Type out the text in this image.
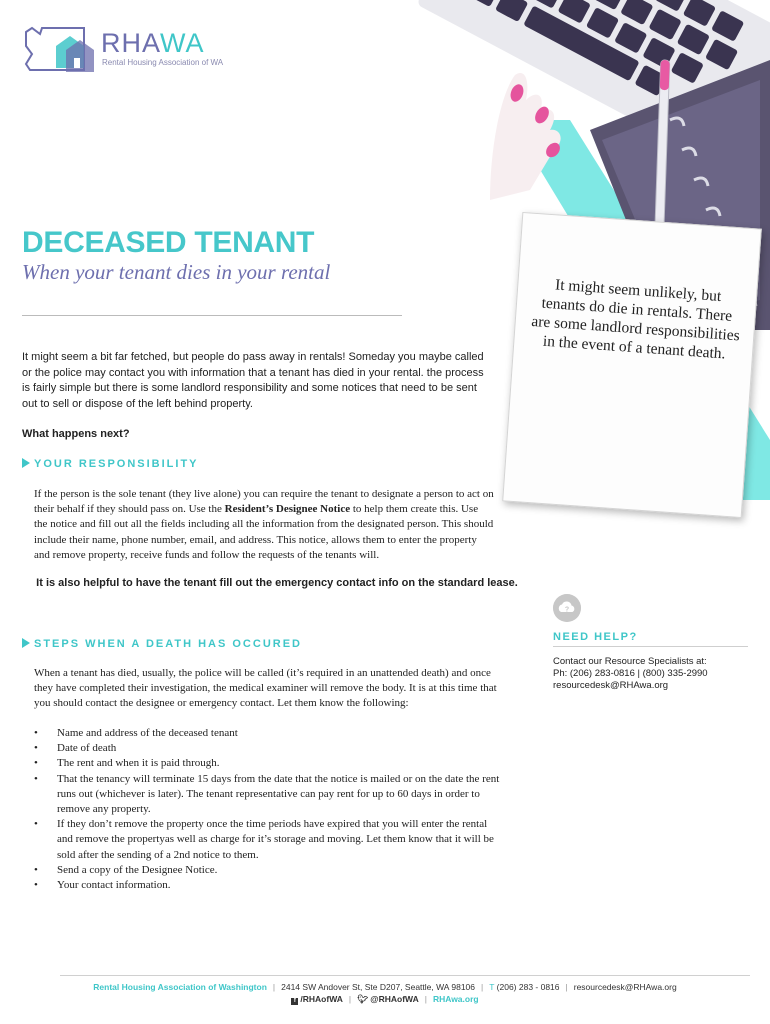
RHAWA
Rental Housing Association of WA
DECEASED TENANT
When your tenant dies in your rental
It might seem a bit far fetched, but people do pass away in rentals! Someday you maybe called or the police may contact you with information that a tenant has died in your rental. the process is fairly simple but there is some landlord responsibility and some notices that need to be sent out to sell or dispose of the left behind property.
What happens next?
YOUR RESPONSIBILITY
If the person is the sole tenant (they live alone) you can require the tenant to designate a person to act on their behalf if they should pass on. Use the Resident’s Designee Notice to help them create this. Use the notice and fill out all the fields including all the information from the designated person. This should include their name, phone number, email, and address. This notice, allows them to enter the property and remove property, receive funds and follow the requests of the tenants will.
It is also helpful to have the tenant fill out the emergency contact info on the standard lease.
STEPS WHEN A DEATH HAS OCCURED
When a tenant has died, usually, the police will be called (it’s required in an unattended death) and once they have completed their investigation, the medical examiner will remove the body. It is at this time that you should contact the designee or emergency contact. Let them know the following:
• Name and address of the deceased tenant
• Date of death
• The rent and when it is paid through.
• That the tenancy will terminate 15 days from the date that the notice is mailed or on the date the rent runs out (whichever is later). The tenant representative can pay rent for up to 60 days in order to remove any property.
• If they don’t remove the property once the time periods have expired that you will enter the rental and remove the propertyas well as charge for it’s storage and moving. Let them know that it will be sold after the sending of a 2nd notice to them.
• Send a copy of the Designee Notice.
• Your contact information.
It might seem unlikely, but tenants do die in rentals. There are some landlord responsibilities in the event of a tenant death.
?
NEED HELP?
Contact our Resource Specialists at:
Ph: (206) 283-0816 | (800) 335-2990
resourcedesk@RHAwa.org
Rental Housing Association of Washington | 2414 SW Andover St, Ste D207, Seattle, WA 98106 | T (206) 283 - 0816 | resourcedesk@RHAwa.org
f /RHAofWA | 🐦︎ @RHAofWA | RHAwa.org
